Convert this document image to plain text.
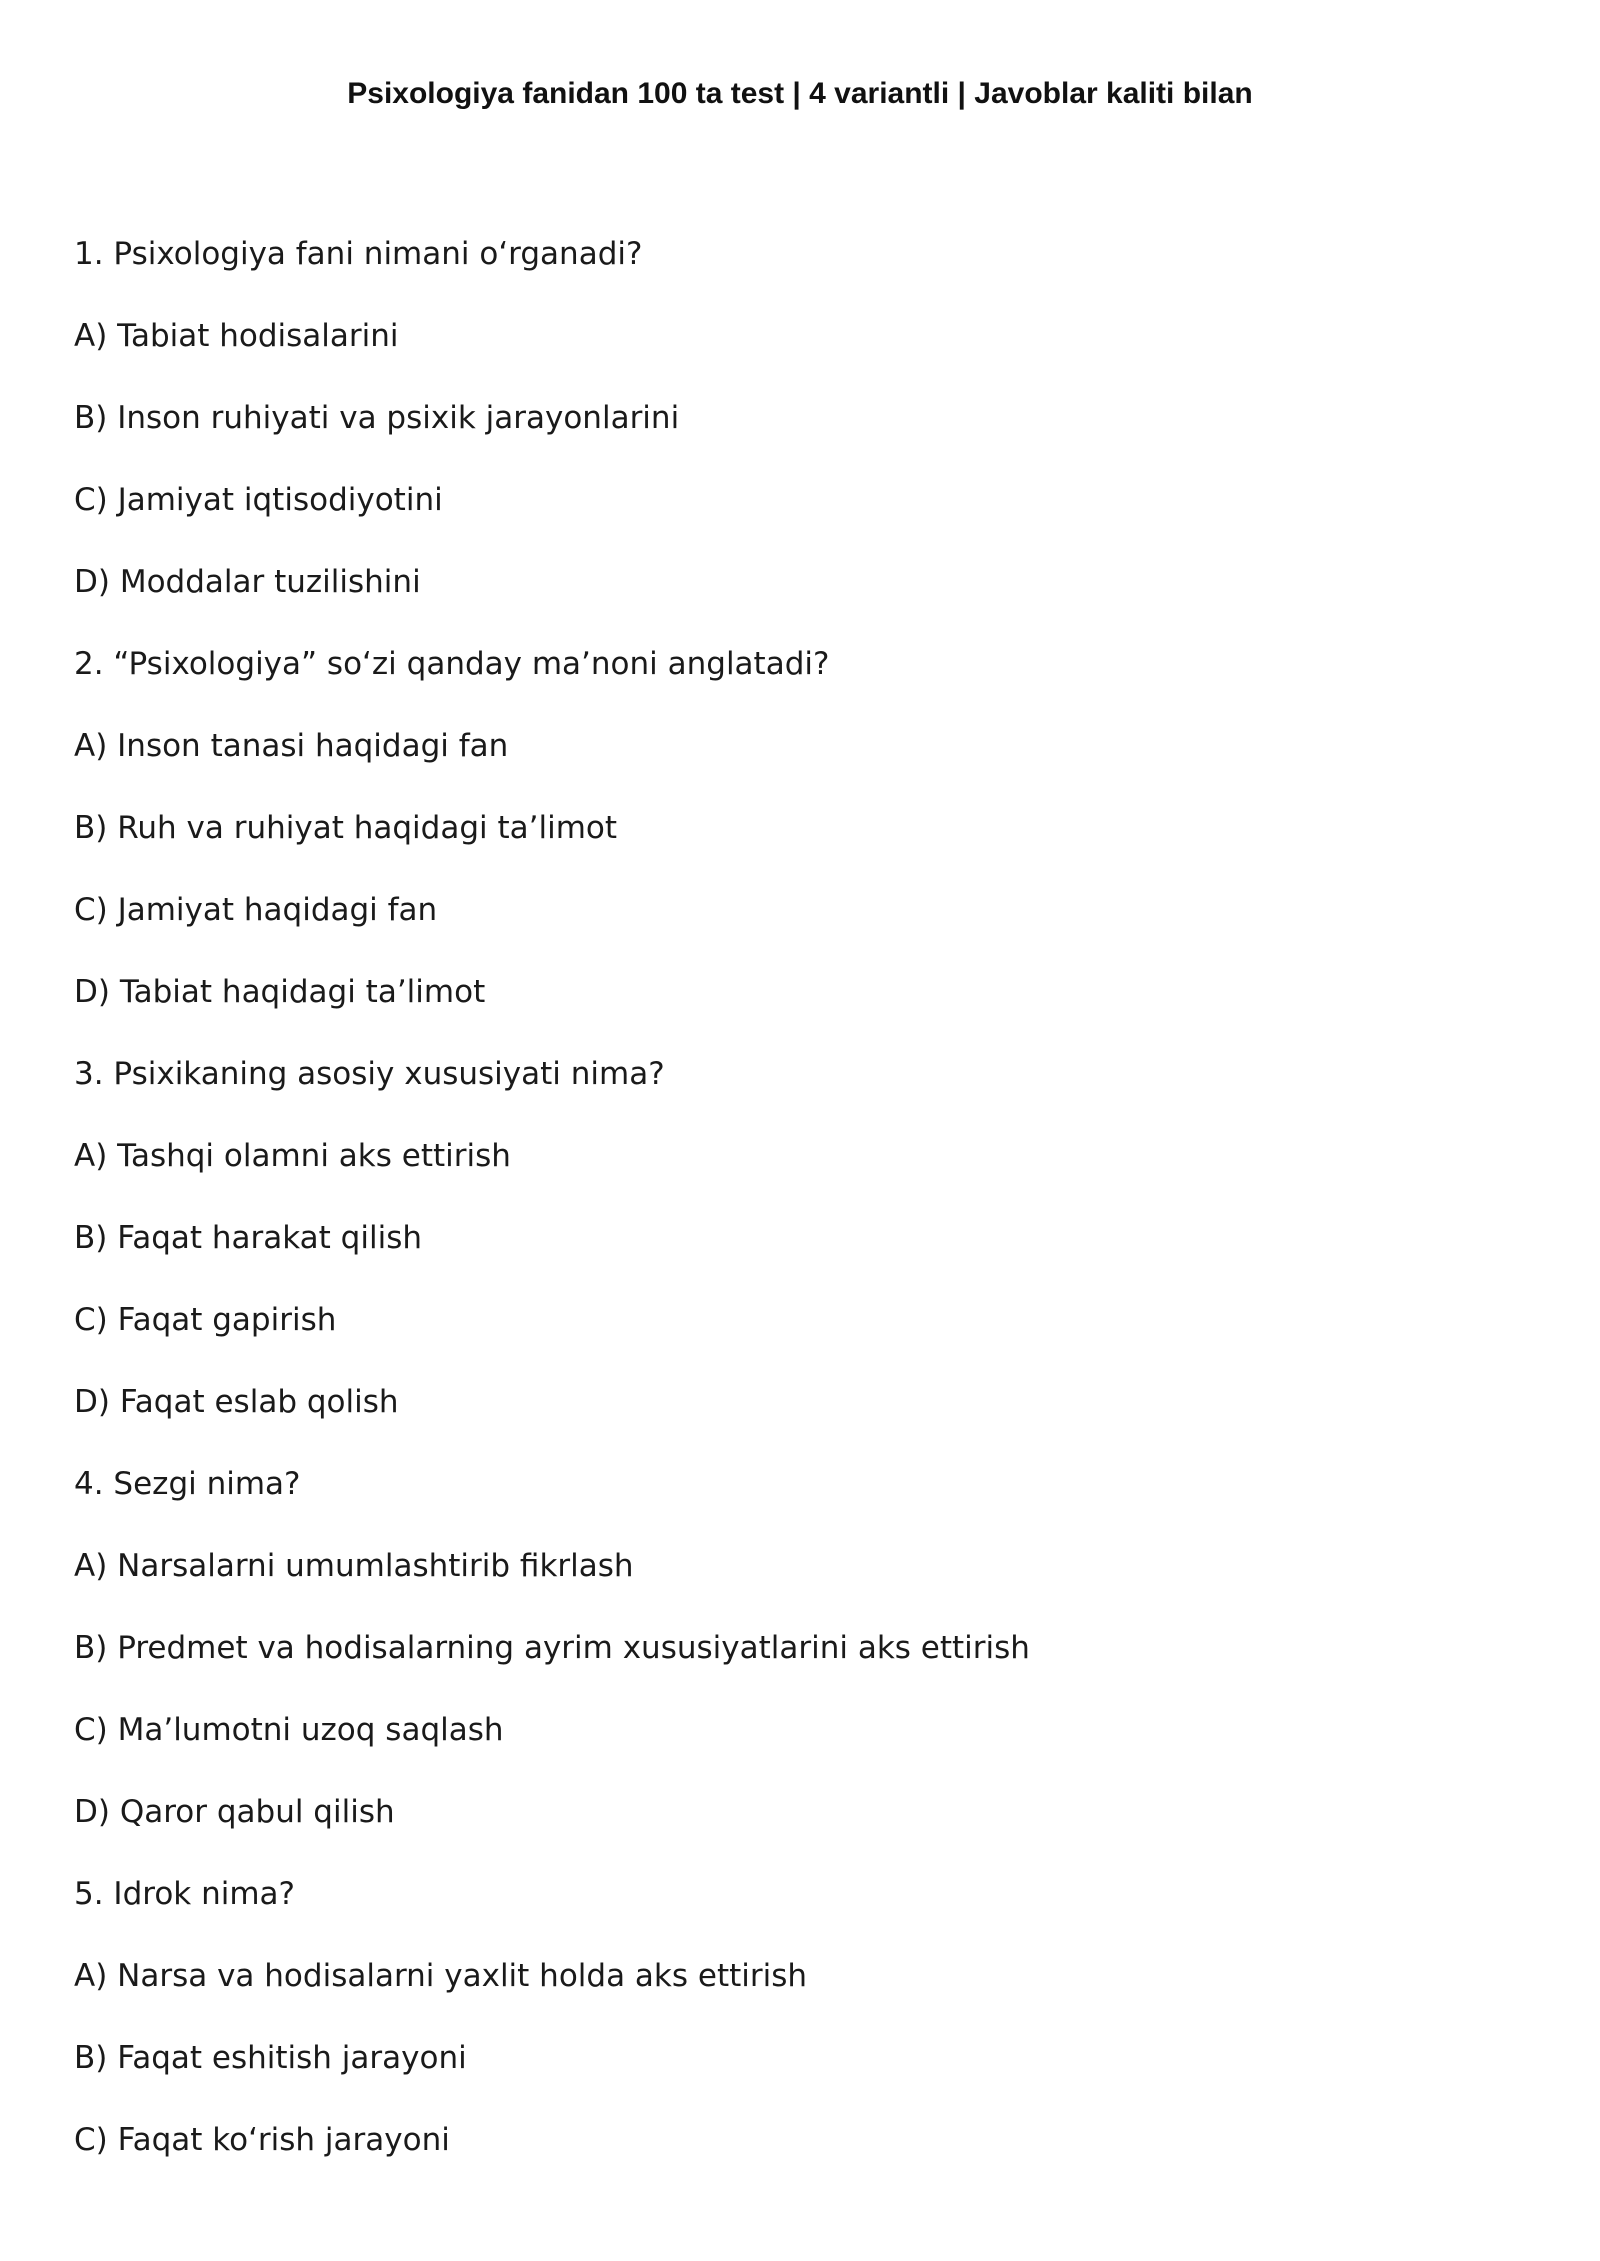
Psixologiya fanidan 100 ta test | 4 variantli | Javoblar kaliti bilan

1. Psixologiya fani nimani oʻrganadi?

A) Tabiat hodisalarini

B) Inson ruhiyati va psixik jarayonlarini

C) Jamiyat iqtisodiyotini

D) Moddalar tuzilishini

2. “Psixologiya” soʻzi qanday maʼnoni anglatadi?

A) Inson tanasi haqidagi fan

B) Ruh va ruhiyat haqidagi taʼlimot

C) Jamiyat haqidagi fan

D) Tabiat haqidagi taʼlimot

3. Psixikaning asosiy xususiyati nima?

A) Tashqi olamni aks ettirish

B) Faqat harakat qilish

C) Faqat gapirish

D) Faqat eslab qolish

4. Sezgi nima?

A) Narsalarni umumlashtirib fikrlash

B) Predmet va hodisalarning ayrim xususiyatlarini aks ettirish

C) Maʼlumotni uzoq saqlash

D) Qaror qabul qilish

5. Idrok nima?

A) Narsa va hodisalarni yaxlit holda aks ettirish

B) Faqat eshitish jarayoni

C) Faqat koʻrish jarayoni
